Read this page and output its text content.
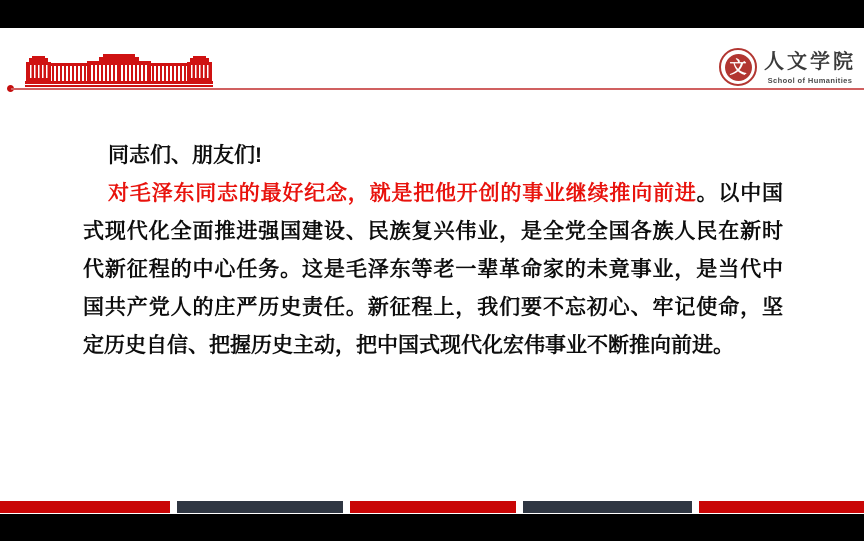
文 人文学院
School of Humanities
同志们、朋友们!
对毛泽东同志的最好纪念，就是把他开创的事业继续推向前进。以中国
式现代化全面推进强国建设、民族复兴伟业，是全党全国各族人民在新时
代新征程的中心任务。这是毛泽东等老一辈革命家的未竟事业，是当代中
国共产党人的庄严历史责任。新征程上，我们要不忘初心、牢记使命，坚
定历史自信、把握历史主动，把中国式现代化宏伟事业不断推向前进。
